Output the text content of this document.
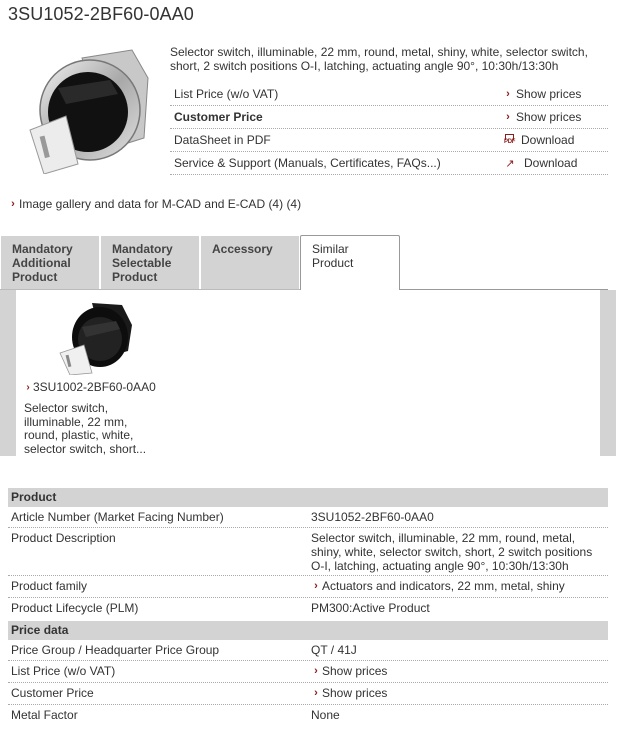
3SU1052-2BF60-0AA0
Selector switch, illuminable, 22 mm, round, metal, shiny, white, selector switch, short, 2 switch positions O-I, latching, actuating angle 90°, 10:30h/13:30h
List Price (w/o VAT)	› Show prices
Customer Price	› Show prices
DataSheet in PDF	PDF Download
Service & Support (Manuals, Certificates, FAQs...)	↗ Download
› Image gallery and data for M-CAD and E-CAD (4) (4)
Mandatory Additional Product
Mandatory Selectable Product
Accessory	Similar Product
› 3SU1002-2BF60-0AA0
Selector switch, illuminable, 22 mm, round, plastic, white, selector switch, short...
Product
Article Number (Market Facing Number)	3SU1052-2BF60-0AA0
Product Description	Selector switch, illuminable, 22 mm, round, metal, shiny, white, selector switch, short, 2 switch positions O-I, latching, actuating angle 90°, 10:30h/13:30h
Product family	› Actuators and indicators, 22 mm, metal, shiny
Product Lifecycle (PLM)	PM300:Active Product
Price data
Price Group / Headquarter Price Group	QT / 41J
List Price (w/o VAT)	› Show prices
Customer Price	› Show prices
Metal Factor	None
